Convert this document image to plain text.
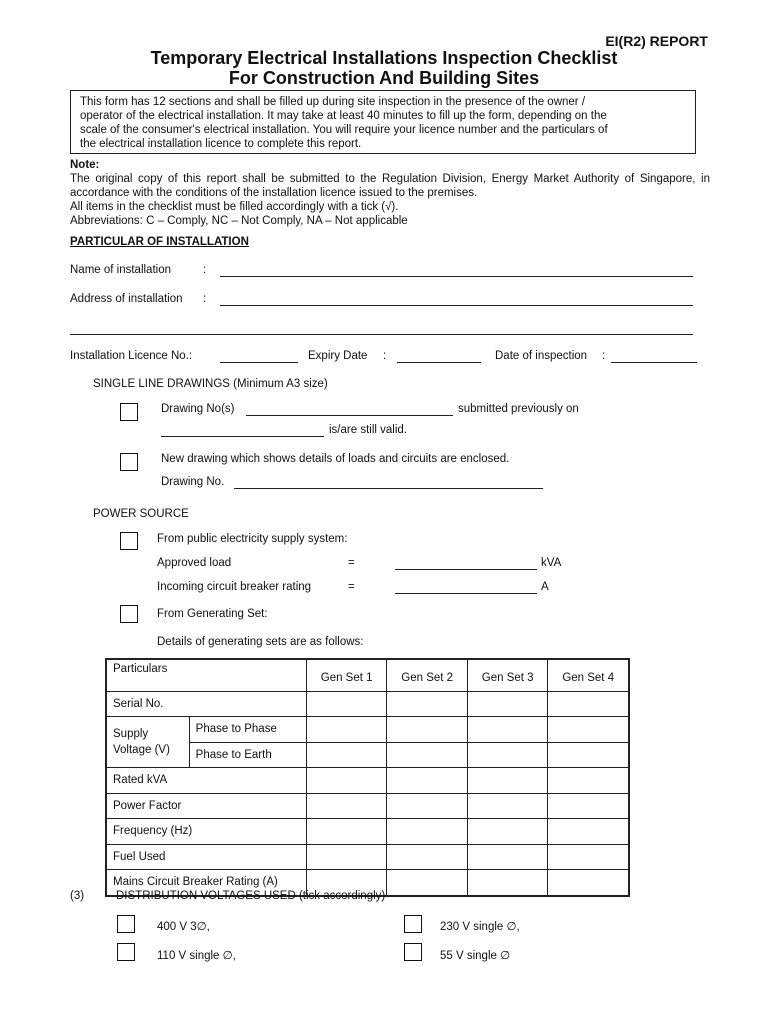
EI(R2) REPORT
Temporary Electrical Installations Inspection Checklist
For Construction And Building Sites
This form has 12 sections and shall be filled up during site inspection in the presence of the owner /
operator of the electrical installation. It may take at least 40 minutes to fill up the form, depending on the
scale of the consumer's electrical installation. You will require your licence number and the particulars of
the electrical installation licence to complete this report.
Note:
The original copy of this report shall be submitted to the Regulation Division, Energy Market Authority of Singapore, in accordance with the conditions of the installation licence issued to the premises.
All items in the checklist must be filled accordingly with a tick (√).
Abbreviations: C – Comply, NC – Not Comply, NA – Not applicable
PARTICULAR OF INSTALLATION
Name of installation	:
Address of installation :
Installation Licence No.:	Expiry Date :	Date of inspection :
SINGLE LINE DRAWINGS (Minimum A3 size)
Drawing No(s)	submitted previously on
is/are still valid.
New drawing which shows details of loads and circuits are enclosed.
Drawing No.
POWER SOURCE
From public electricity supply system:
Approved load	=	kVA
Incoming circuit breaker rating	=	A
From Generating Set:
Details of generating sets are as follows:
Particulars		Gen Set 1	Gen Set 2	Gen Set 3	Gen Set 4
Serial No.					
Supply
Voltage (V)	Phase to Phase				
	Phase to Earth				
Rated kVA					
Power Factor					
Frequency (Hz)					
Fuel Used					
Mains Circuit Breaker Rating (A)					
(3)	DISTRIBUTION VOLTAGES USED (tick accordingly)
400 V 3∅,	230 V single ∅,
110 V single ∅,	55 V single ∅
